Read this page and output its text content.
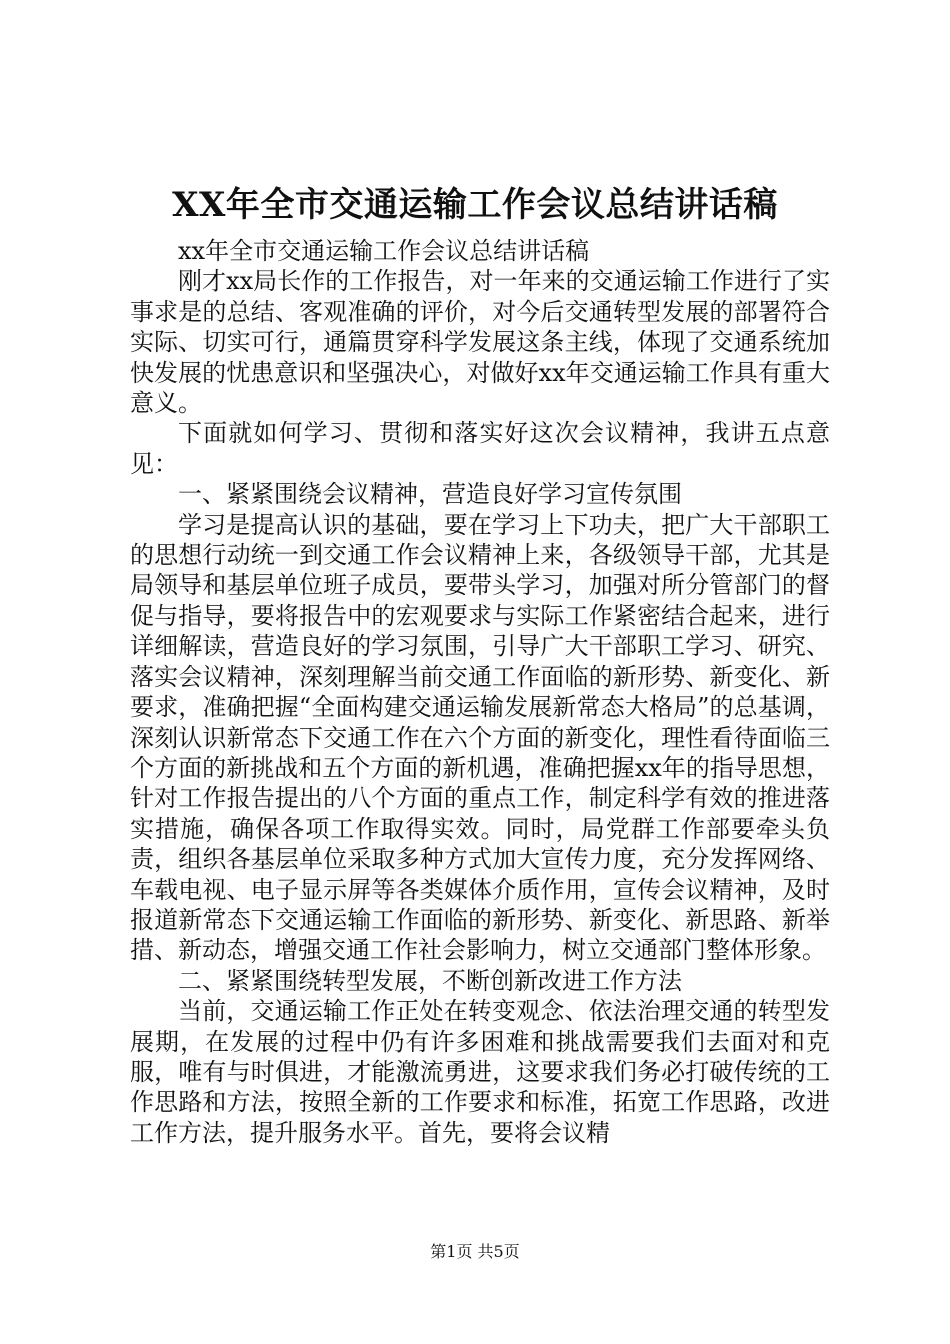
XX年全市交通运输工作会议总结讲话稿

xx年全市交通运输工作会议总结讲话稿

刚才xx局长作的工作报告，对一年来的交通运输工作进行了实事求是的总结、客观准确的评价，对今后交通转型发展的部署符合实际、切实可行，通篇贯穿科学发展这条主线，体现了交通系统加快发展的忧患意识和坚强决心，对做好xx年交通运输工作具有重大意义。

下面就如何学习、贯彻和落实好这次会议精神，我讲五点意见：

一、紧紧围绕会议精神，营造良好学习宣传氛围

学习是提高认识的基础，要在学习上下功夫，把广大干部职工的思想行动统一到交通工作会议精神上来，各级领导干部，尤其是局领导和基层单位班子成员，要带头学习，加强对所分管部门的督促与指导，要将报告中的宏观要求与实际工作紧密结合起来，进行详细解读，营造良好的学习氛围，引导广大干部职工学习、研究、落实会议精神，深刻理解当前交通工作面临的新形势、新变化、新要求，准确把握“全面构建交通运输发展新常态大格局”的总基调，深刻认识新常态下交通工作在六个方面的新变化，理性看待面临三个方面的新挑战和五个方面的新机遇，准确把握xx年的指导思想，针对工作报告提出的八个方面的重点工作，制定科学有效的推进落实措施，确保各项工作取得实效。同时，局党群工作部要牵头负责，组织各基层单位采取多种方式加大宣传力度，充分发挥网络、车载电视、电子显示屏等各类媒体介质作用，宣传会议精神，及时报道新常态下交通运输工作面临的新形势、新变化、新思路、新举措、新动态，增强交通工作社会影响力，树立交通部门整体形象。

二、紧紧围绕转型发展，不断创新改进工作方法

当前，交通运输工作正处在转变观念、依法治理交通的转型发展期，在发展的过程中仍有许多困难和挑战需要我们去面对和克服，唯有与时俱进，才能激流勇进，这要求我们务必打破传统的工作思路和方法，按照全新的工作要求和标准，拓宽工作思路，改进工作方法，提升服务水平。首先，要将会议精

第1页 共5页
